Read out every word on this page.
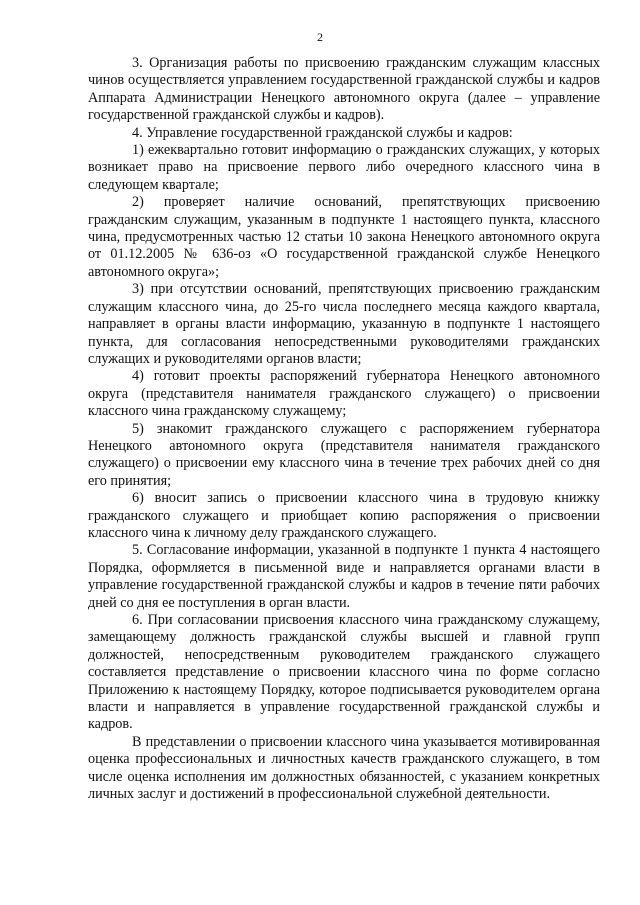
2

3. Организация работы по присвоению гражданским служащим классных чинов осуществляется управлением государственной гражданской службы и кадров Аппарата Администрации Ненецкого автономного округа (далее – управление государственной гражданской службы и кадров).

4. Управление государственной гражданской службы и кадров:

1) ежеквартально готовит информацию о гражданских служащих, у которых возникает право на присвоение первого либо очередного классного чина в следующем квартале;

2) проверяет наличие оснований, препятствующих присвоению гражданским служащим, указанным в подпункте 1 настоящего пункта, классного чина, предусмотренных частью 12 статьи 10 закона Ненецкого автономного округа от 01.12.2005 № 636-оз «О государственной гражданской службе Ненецкого автономного округа»;

3) при отсутствии оснований, препятствующих присвоению гражданским служащим классного чина, до 25-го числа последнего месяца каждого квартала, направляет в органы власти информацию, указанную в подпункте 1 настоящего пункта, для согласования непосредственными руководителями гражданских служащих и руководителями органов власти;

4) готовит проекты распоряжений губернатора Ненецкого автономного округа (представителя нанимателя гражданского служащего) о присвоении классного чина гражданскому служащему;

5) знакомит гражданского служащего с распоряжением губернатора Ненецкого автономного округа (представителя нанимателя гражданского служащего) о присвоении ему классного чина в течение трех рабочих дней со дня его принятия;

6) вносит запись о присвоении классного чина в трудовую книжку гражданского служащего и приобщает копию распоряжения о присвоении классного чина к личному делу гражданского служащего.

5. Согласование информации, указанной в подпункте 1 пункта 4 настоящего Порядка, оформляется в письменной виде и направляется органами власти в управление государственной гражданской службы и кадров в течение пяти рабочих дней со дня ее поступления в орган власти.

6. При согласовании присвоения классного чина гражданскому служащему, замещающему должность гражданской службы высшей и главной групп должностей, непосредственным руководителем гражданского служащего составляется представление о присвоении классного чина по форме согласно Приложению к настоящему Порядку, которое подписывается руководителем органа власти и направляется в управление государственной гражданской службы и кадров.

В представлении о присвоении классного чина указывается мотивированная оценка профессиональных и личностных качеств гражданского служащего, в том числе оценка исполнения им должностных обязанностей, с указанием конкретных личных заслуг и достижений в профессиональной служебной деятельности.
